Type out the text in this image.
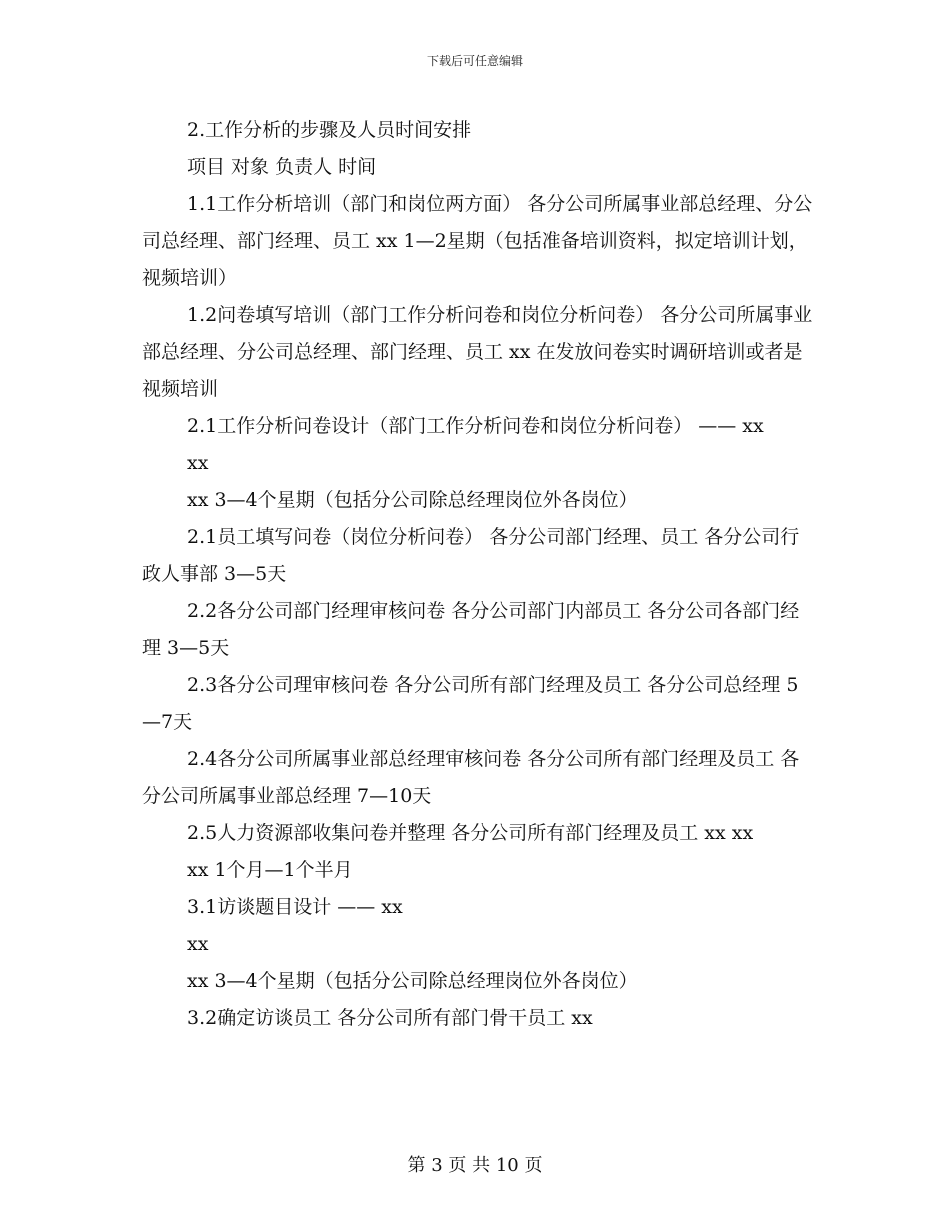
下载后可任意编辑

2.工作分析的步骤及人员时间安排

项目 对象 负责人 时间

1.1工作分析培训（部门和岗位两方面） 各分公司所属事业部总经理、分公司总经理、部门经理、员工 xx 1—2星期（包括准备培训资料，拟定培训计划，视频培训）

1.2问卷填写培训（部门工作分析问卷和岗位分析问卷） 各分公司所属事业部总经理、分公司总经理、部门经理、员工 xx 在发放问卷实时调研培训或者是视频培训

2.1工作分析问卷设计（部门工作分析问卷和岗位分析问卷） —— xx

xx

xx 3—4个星期（包括分公司除总经理岗位外各岗位）

2.1员工填写问卷（岗位分析问卷） 各分公司部门经理、员工 各分公司行政人事部 3—5天

2.2各分公司部门经理审核问卷 各分公司部门内部员工 各分公司各部门经理 3—5天

2.3各分公司理审核问卷 各分公司所有部门经理及员工 各分公司总经理 5—7天

2.4各分公司所属事业部总经理审核问卷 各分公司所有部门经理及员工 各分公司所属事业部总经理 7—10天

2.5人力资源部收集问卷并整理 各分公司所有部门经理及员工 xx xx

xx 1个月—1个半月

3.1访谈题目设计 —— xx

xx

xx 3—4个星期（包括分公司除总经理岗位外各岗位）

3.2确定访谈员工 各分公司所有部门骨干员工 xx

第 3 页 共 10 页
